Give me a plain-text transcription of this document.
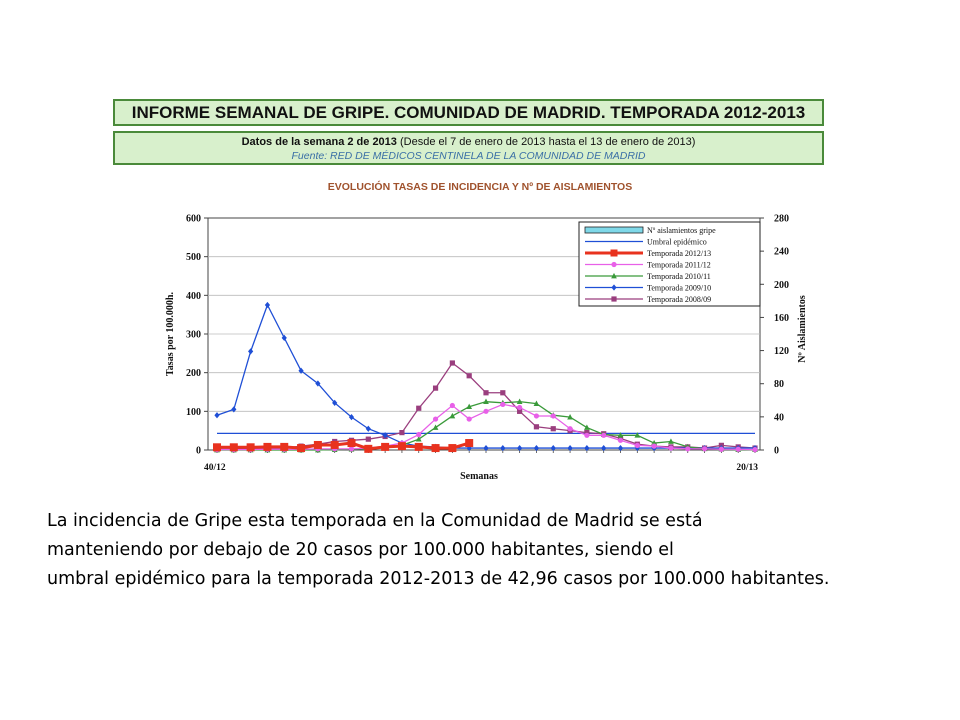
INFORME SEMANAL DE GRIPE. COMUNIDAD DE MADRID. TEMPORADA 2012-2013
Datos de la semana 2 de 2013 (Desde el 7 de enero de 2013 hasta el 13 de enero de 2013)
Fuente: RED DE MÉDICOS CENTINELA DE LA COMUNIDAD DE MADRID
EVOLUCIÓN TASAS DE INCIDENCIA Y Nº DE AISLAMIENTOS
0
100
200
300
400
500
600
0
40
80
120
160
200
240
280
40/12	20/13
Semanas
Tasas por 100.000h.	Nº Aislamientos
Nº aislamientos gripe
Umbral epidémico
Temporada 2012/13
Temporada 2011/12
Temporada 2010/11
Temporada 2009/10
Temporada 2008/09
La incidencia de Gripe esta temporada en la Comunidad de Madrid se está
manteniendo por debajo de 20 casos por 100.000 habitantes, siendo el
umbral epidémico para la temporada 2012-2013 de 42,96 casos por 100.000 habitantes.
